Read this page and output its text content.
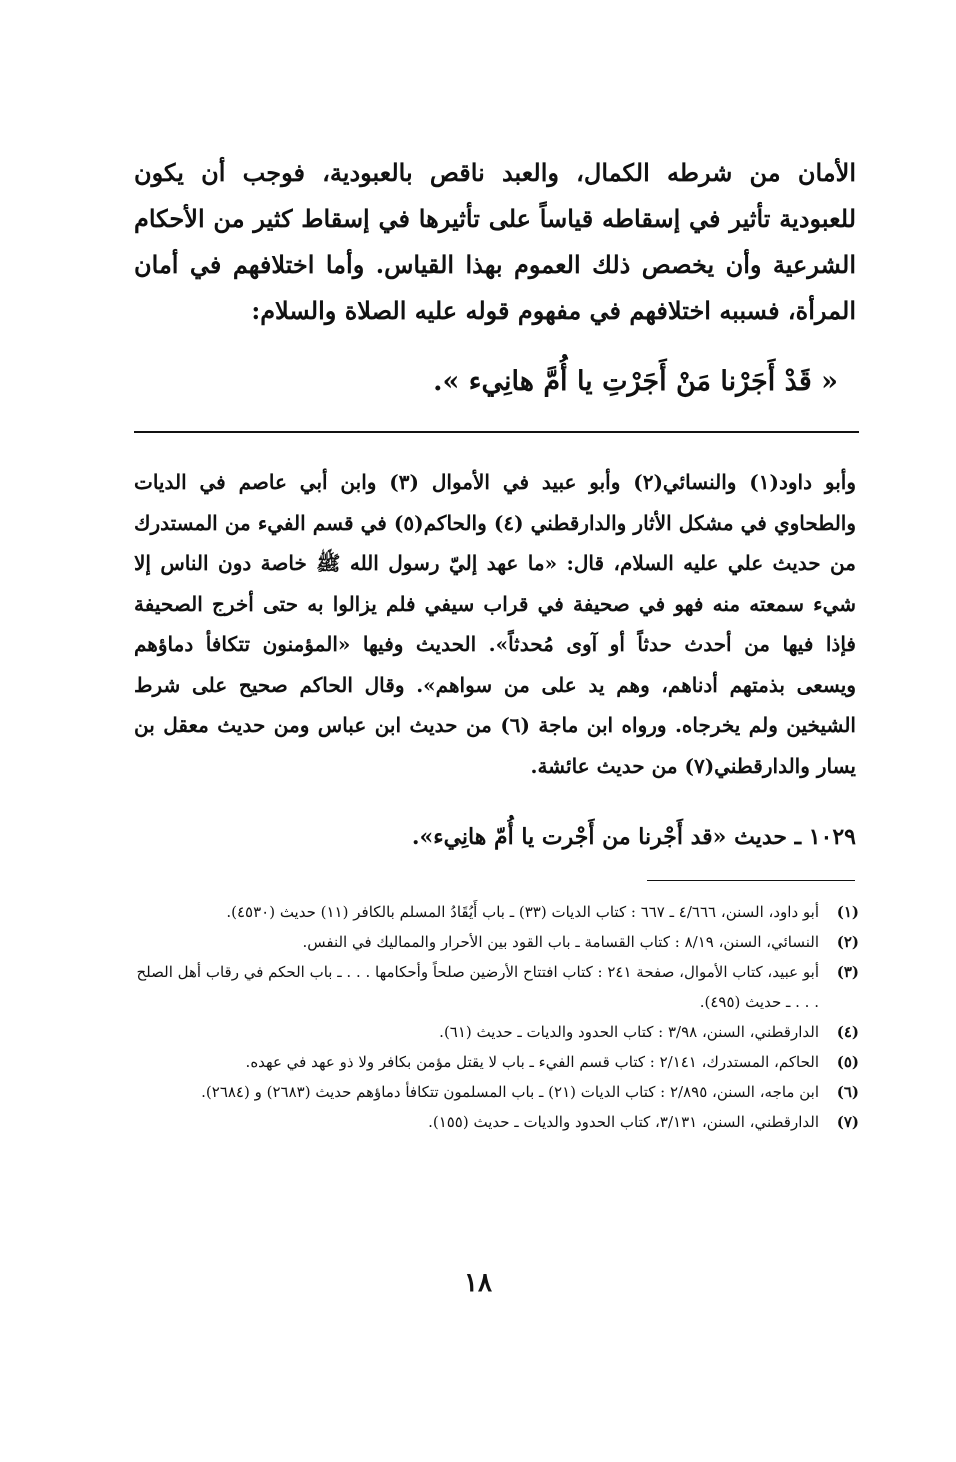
الأمان من شرطه الكمال، والعبد ناقص بالعبودية، فوجب أن يكون للعبودية تأثير في إسقاطه قياساً على تأثيرها في إسقاط كثير من الأحكام الشرعية وأن يخصص ذلك العموم بهذا القياس. وأما اختلافهم في أمان المرأة، فسببه اختلافهم في مفهوم قوله عليه الصلاة والسلام:

« قَدْ أَجَرْنا مَنْ أَجَرْتِ يا أُمَّ هانِيء ».

وأبو داود(١) والنسائي(٢) وأبو عبيد في الأموال (٣) وابن أبي عاصم في الديات والطحاوي في مشكل الأثار والدارقطني (٤) والحاكم(٥) في قسم الفيء من المستدرك من حديث علي عليه السلام، قال: «ما عهد إليّ رسول الله ﷺ خاصة دون الناس إلا شيء سمعته منه فهو في صحيفة في قراب سيفي فلم يزالوا به حتى أخرج الصحيفة فإذا فيها من أحدث حدثاً أو آوى مُحدثاً». الحديث وفيها «المؤمنون تتكافأ دماؤهم ويسعى بذمتهم أدناهم، وهم يد على من سواهم». وقال الحاكم صحيح على شرط الشيخين ولم يخرجاه. ورواه ابن ماجة (٦) من حديث ابن عباس ومن حديث معقل بن يسار والدارقطني(٧) من حديث عائشة.

١٠٢٩ ـ حديث «قد أَجْرنا من أَجْرت يا أُمّ هانِيء».
(١)
أبو داود، السنن، ٤/٦٦٦ ـ ٦٦٧ : كتاب الديات (٣٣) ـ باب أَيُقَادُ المسلم بالكافر (١١) حديث (٤٥٣٠).
(٢)
النسائي، السنن، ٨/١٩ : كتاب القسامة ـ باب القود بين الأحرار والمماليك في النفس.
(٣)
أبو عبيد، كتاب الأموال، صفحة ٢٤١ : كتاب افتتاح الأرضين صلحاً وأحكامها . . . ـ باب الحكم في رقاب أهل الصلح . . . ـ حديث (٤٩٥).
(٤)
الدارقطني، السنن، ٣/٩٨ : كتاب الحدود والديات ـ حديث (٦١).
(٥)
الحاكم، المستدرك، ٢/١٤١ : كتاب قسم الفيء ـ باب لا يقتل مؤمن بكافر ولا ذو عهد في عهده.
(٦)
ابن ماجه، السنن، ٢/٨٩٥ : كتاب الديات (٢١) ـ باب المسلمون تتكافأ دماؤهم حديث (٢٦٨٣) و (٢٦٨٤).
(٧)
الدارقطني، السنن، ٣/١٣١، كتاب الحدود والديات ـ حديث (١٥٥).
١٨
